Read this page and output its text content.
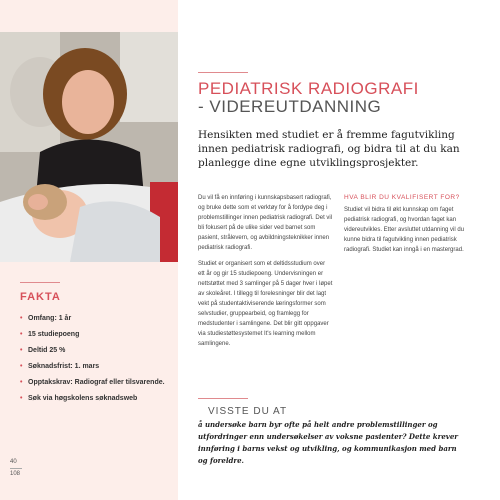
FAKTA
• Omfang: 1 år
• 15 studiepoeng
• Deltid 25 %
• Søknadsfrist: 1. mars
• Opptakskrav: Radiograf eller tilsvarende.
• Søk via høgskolens søknadsweb
40
108
PEDIATRISK RADIOGRAFI
- VIDEREUTDANNING

Hensikten med studiet er å fremme fagutvikling innen pediatrisk radiografi, og bidra til at du kan planlegge dine egne utviklingsprosjekter.

Du vil få en innføring i kunnskapsbasert radiografi, og bruke dette som et verktøy for å fordype deg i problemstillinger innen pediatrisk radiografi. Det vil bli fokusert på de ulike sider ved barnet som pasient, strålevern, og avbildningsteknikker innen pediatrisk radiografi.

Studiet er organisert som et deltidsstudium over ett år og gir 15 studiepoeng. Undervisningen er nettstøttet med 3 samlinger på 5 dager hver i løpet av skoleåret. I tillegg til forelesninger blir det lagt vekt på studentaktiviserende læringsformer som selvstudier, gruppearbeid, og framlegg for medstudenter i samlingene. Det blir gitt oppgaver via studiestøttesystemet It's learning mellom samlingene.

HVA BLIR DU KVALIFISERT FOR?

Studiet vil bidra til økt kunnskap om faget pediatrisk radiografi, og hvordan faget kan videreutvikles. Etter avsluttet utdanning vil du kunne bidra til fagutvikling innen pediatrisk radiografi. Studiet kan inngå i en mastergrad.

VISSTE DU AT

å undersøke barn byr ofte på helt andre problemstillinger og utfordringer enn undersøkelser av voksne pasienter? Dette krever innføring i barns vekst og utvikling, og kommunikasjon med barn og foreldre.
